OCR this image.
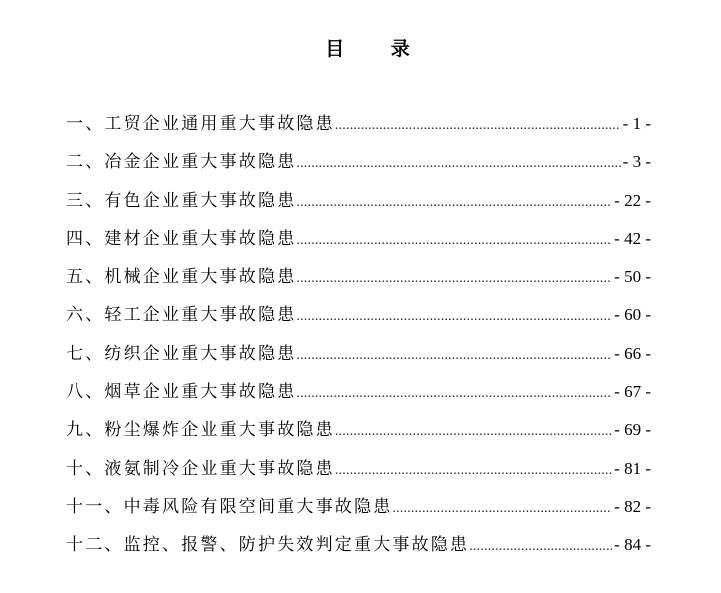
目 录
一、工贸企业通用重大事故隐患 .....	- 1 -
二、冶金企业重大事故隐患 .....	- 3 -
三、有色企业重大事故隐患 .....	- 22 -
四、建材企业重大事故隐患 .....	- 42 -
五、机械企业重大事故隐患 .....	- 50 -
六、轻工企业重大事故隐患 .....	- 60 -
七、纺织企业重大事故隐患 .....	- 66 -
八、烟草企业重大事故隐患 .....	- 67 -
九、粉尘爆炸企业重大事故隐患 .....	- 69 -
十、液氨制冷企业重大事故隐患 .....	- 81 -
十一、中毒风险有限空间重大事故隐患 .....	- 82 -
十二、监控、报警、防护失效判定重大事故隐患 .....	- 84 -
